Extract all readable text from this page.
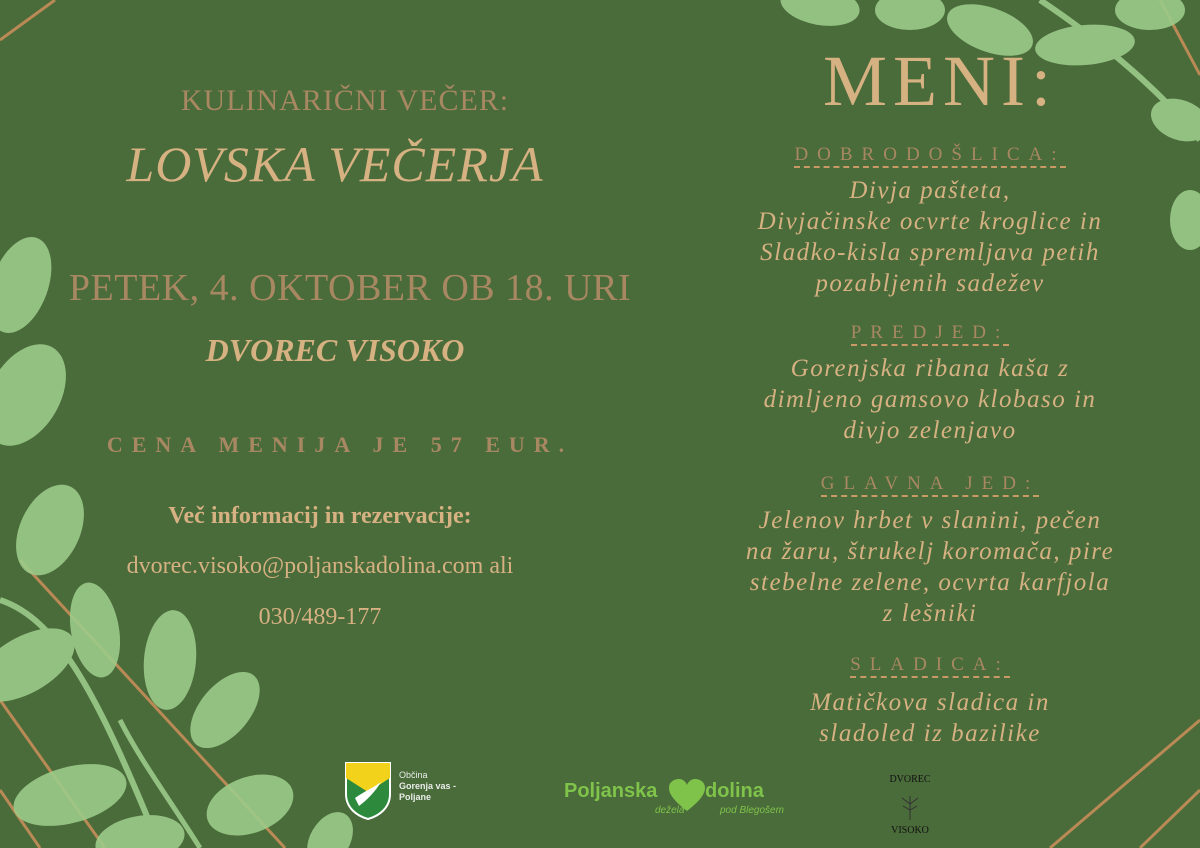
KULINARIČNI VEČER:
LOVSKA VEČERJA
PETEK, 4. OKTOBER OB 18. URI
DVOREC VISOKO
CENA MENIJA JE 57 EUR.
Več informacij in rezervacije:
dvorec.visoko@poljanskadolina.com ali
030/489-177
MENI:
DOBRODOŠLICA:
Divja pašteta,
Divjačinske ocvrte kroglice in
Sladko-kisla spremljava petih
pozabljenih sadežev
PREDJED:
Gorenjska ribana kaša z
dimljeno gamsovo klobaso in
divjo zelenjavo
GLAVNA JED:
Jelenov hrbet v slanini, pečen
na žaru, štrukelj koromača, pire
stebelne zelene, ocvrta karfjola
z lešniki
SLADICA:
Matičkova sladica in
sladoled iz bazilike
Občina
Gorenja vas -
Poljane	Poljanska dolina
dežela	pod Blegošem
DVOREC
VISOKO
